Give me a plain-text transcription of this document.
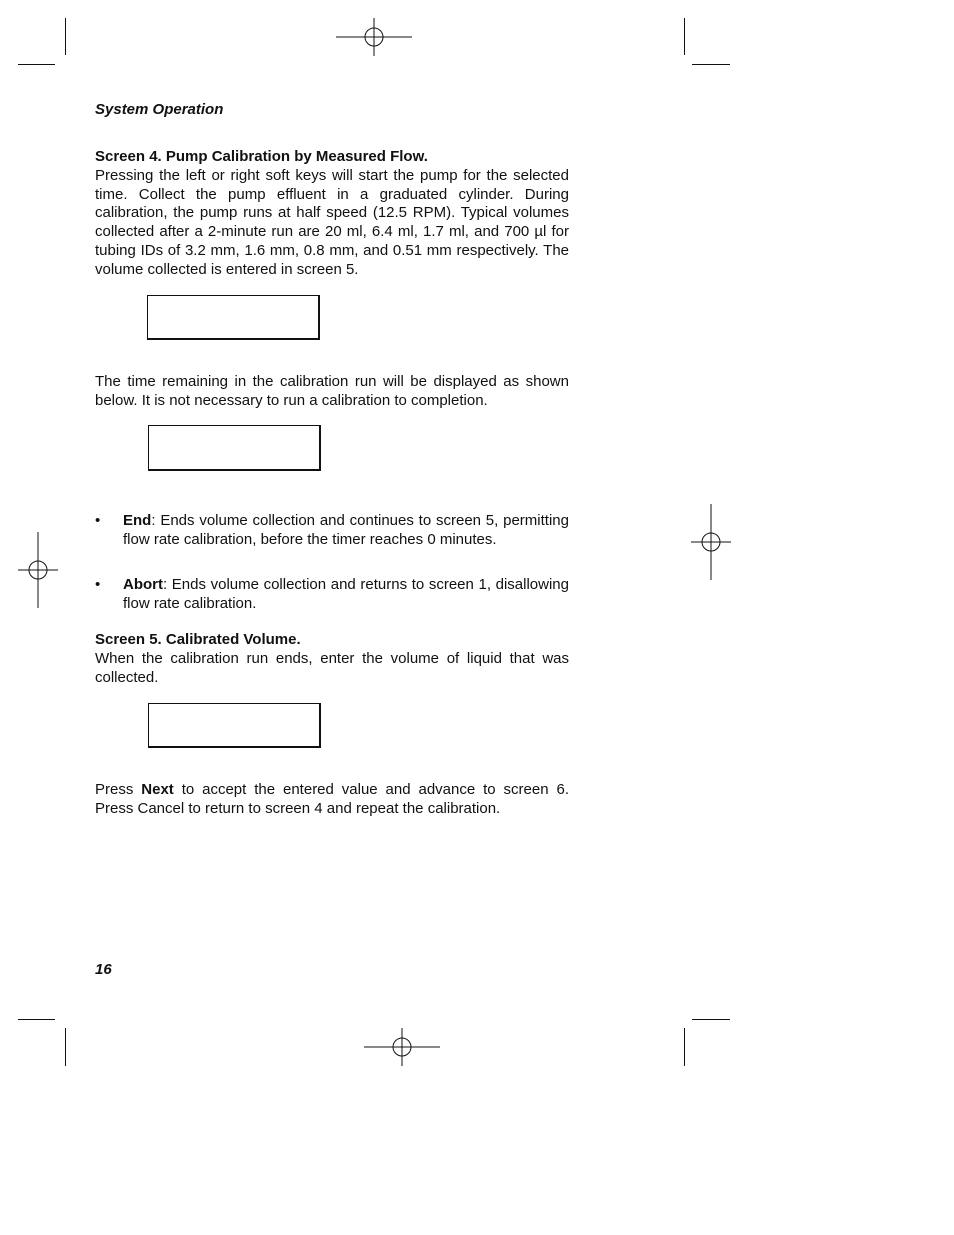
System Operation
Screen 4. Pump Calibration by Measured Flow.
Pressing the left or right soft keys will start the pump for the selected time. Collect the pump effluent in a graduated cylinder. During calibration, the pump runs at half speed (12.5 RPM). Typical volumes collected after a 2-minute run are 20 ml, 6.4 ml, 1.7 ml, and 700 µl for tubing IDs of 3.2 mm, 1.6 mm, 0.8 mm, and 0.51 mm respectively. The volume collected is entered in screen 5.
The time remaining in the calibration run will be displayed as shown below. It is not necessary to run a calibration to completion.
•	End: Ends volume collection and continues to screen 5, permitting flow rate calibration, before the timer reaches 0 minutes.
•	Abort: Ends volume collection and returns to screen 1, disallowing flow rate calibration.
Screen 5. Calibrated Volume.
When the calibration run ends, enter the volume of liquid that was collected.
Press Next to accept the entered value and advance to screen 6. Press Cancel to return to screen 4 and repeat the calibration.
16
